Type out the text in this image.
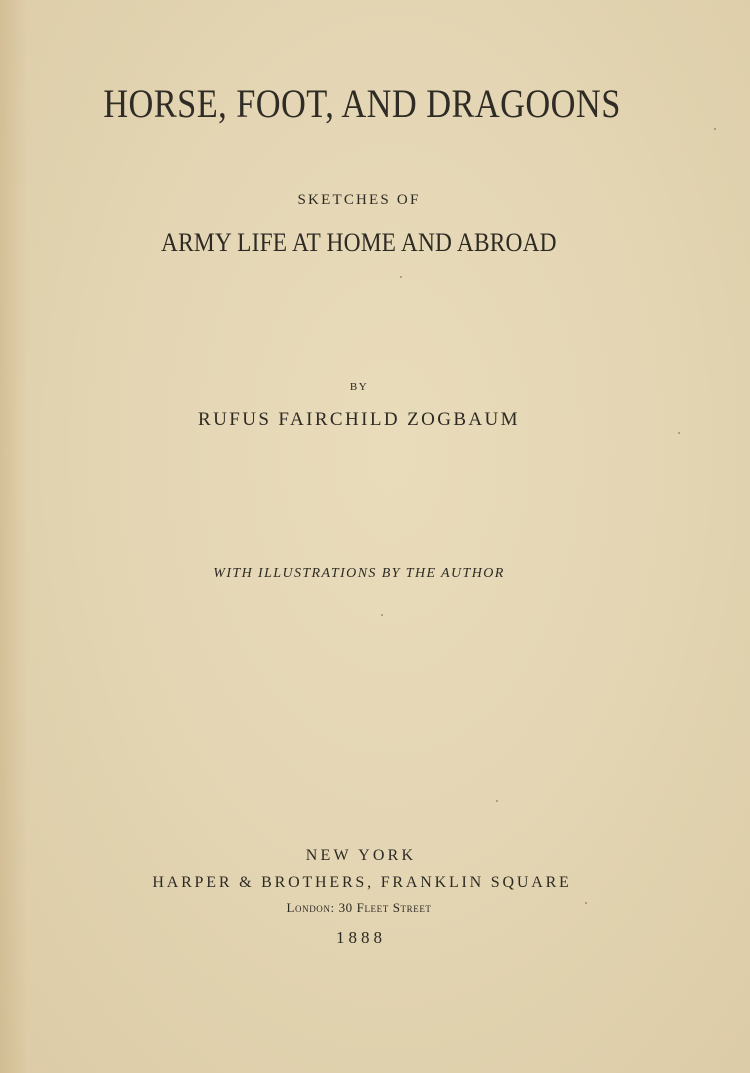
HORSE, FOOT, AND DRAGOONS
SKETCHES OF
ARMY LIFE AT HOME AND ABROAD
BY
RUFUS FAIRCHILD ZOGBAUM
WITH ILLUSTRATIONS BY THE AUTHOR
NEW YORK
HARPER & BROTHERS, FRANKLIN SQUARE
London: 30 Fleet Street
1888
